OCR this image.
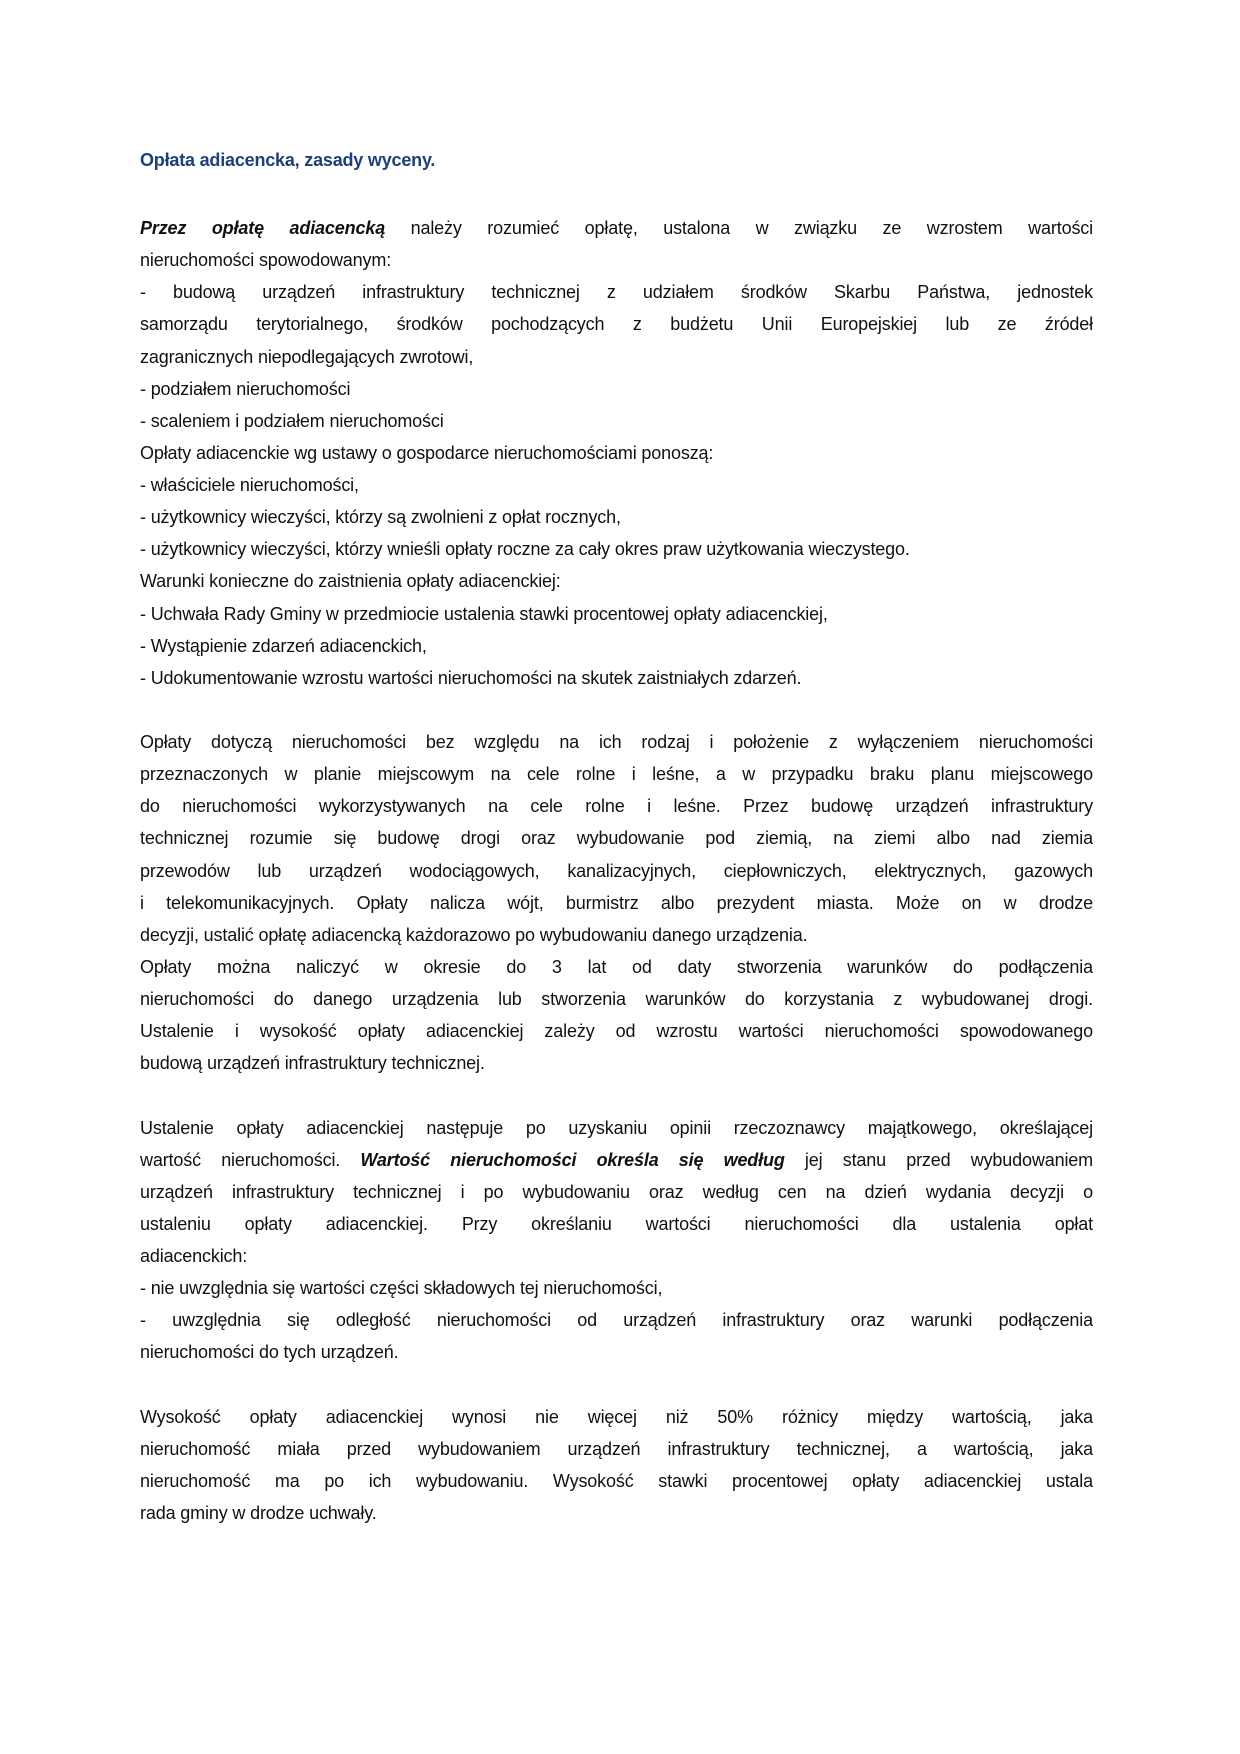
Opłata adiacencka, zasady wyceny.
Przez opłatę adiacencką należy rozumieć opłatę, ustalona w związku ze wzrostem wartości
nieruchomości spowodowanym:
- budową urządzeń infrastruktury technicznej z udziałem środków Skarbu Państwa, jednostek
samorządu terytorialnego, środków pochodzących z budżetu Unii Europejskiej lub ze źródeł
zagranicznych niepodlegających zwrotowi,
- podziałem nieruchomości
- scaleniem i podziałem nieruchomości
Opłaty adiacenckie wg ustawy o gospodarce nieruchomościami ponoszą:
- właściciele nieruchomości,
- użytkownicy wieczyści, którzy są zwolnieni z opłat rocznych,
- użytkownicy wieczyści, którzy wnieśli opłaty roczne za cały okres praw użytkowania wieczystego.
Warunki konieczne do zaistnienia opłaty adiacenckiej:
- Uchwała Rady Gminy w przedmiocie ustalenia stawki procentowej opłaty adiacenckiej,
- Wystąpienie zdarzeń adiacenckich,
- Udokumentowanie wzrostu wartości nieruchomości na skutek zaistniałych zdarzeń.
Opłaty dotyczą nieruchomości bez względu na ich rodzaj i położenie z wyłączeniem nieruchomości
przeznaczonych w planie miejscowym na cele rolne i leśne, a w przypadku braku planu miejscowego
do nieruchomości wykorzystywanych na cele rolne i leśne. Przez budowę urządzeń infrastruktury
technicznej rozumie się budowę drogi oraz wybudowanie pod ziemią, na ziemi albo nad ziemia
przewodów lub urządzeń wodociągowych, kanalizacyjnych, ciepłowniczych, elektrycznych, gazowych
i telekomunikacyjnych. Opłaty nalicza wójt, burmistrz albo prezydent miasta. Może on w drodze
decyzji, ustalić opłatę adiacencką każdorazowo po wybudowaniu danego urządzenia.
Opłaty można naliczyć w okresie do 3 lat od daty stworzenia warunków do podłączenia
nieruchomości do danego urządzenia lub stworzenia warunków do korzystania z wybudowanej drogi.
Ustalenie i wysokość opłaty adiacenckiej zależy od wzrostu wartości nieruchomości spowodowanego
budową urządzeń infrastruktury technicznej.
Ustalenie opłaty adiacenckiej następuje po uzyskaniu opinii rzeczoznawcy majątkowego, określającej
wartość nieruchomości. Wartość nieruchomości określa się według jej stanu przed wybudowaniem
urządzeń infrastruktury technicznej i po wybudowaniu oraz według cen na dzień wydania decyzji o
ustaleniu opłaty adiacenckiej. Przy określaniu wartości nieruchomości dla ustalenia opłat
adiacenckich:
- nie uwzględnia się wartości części składowych tej nieruchomości,
- uwzględnia się odległość nieruchomości od urządzeń infrastruktury oraz warunki podłączenia
nieruchomości do tych urządzeń.
Wysokość opłaty adiacenckiej wynosi nie więcej niż 50% różnicy między wartością, jaka
nieruchomość miała przed wybudowaniem urządzeń infrastruktury technicznej, a wartością, jaka
nieruchomość ma po ich wybudowaniu. Wysokość stawki procentowej opłaty adiacenckiej ustala
rada gminy w drodze uchwały.
